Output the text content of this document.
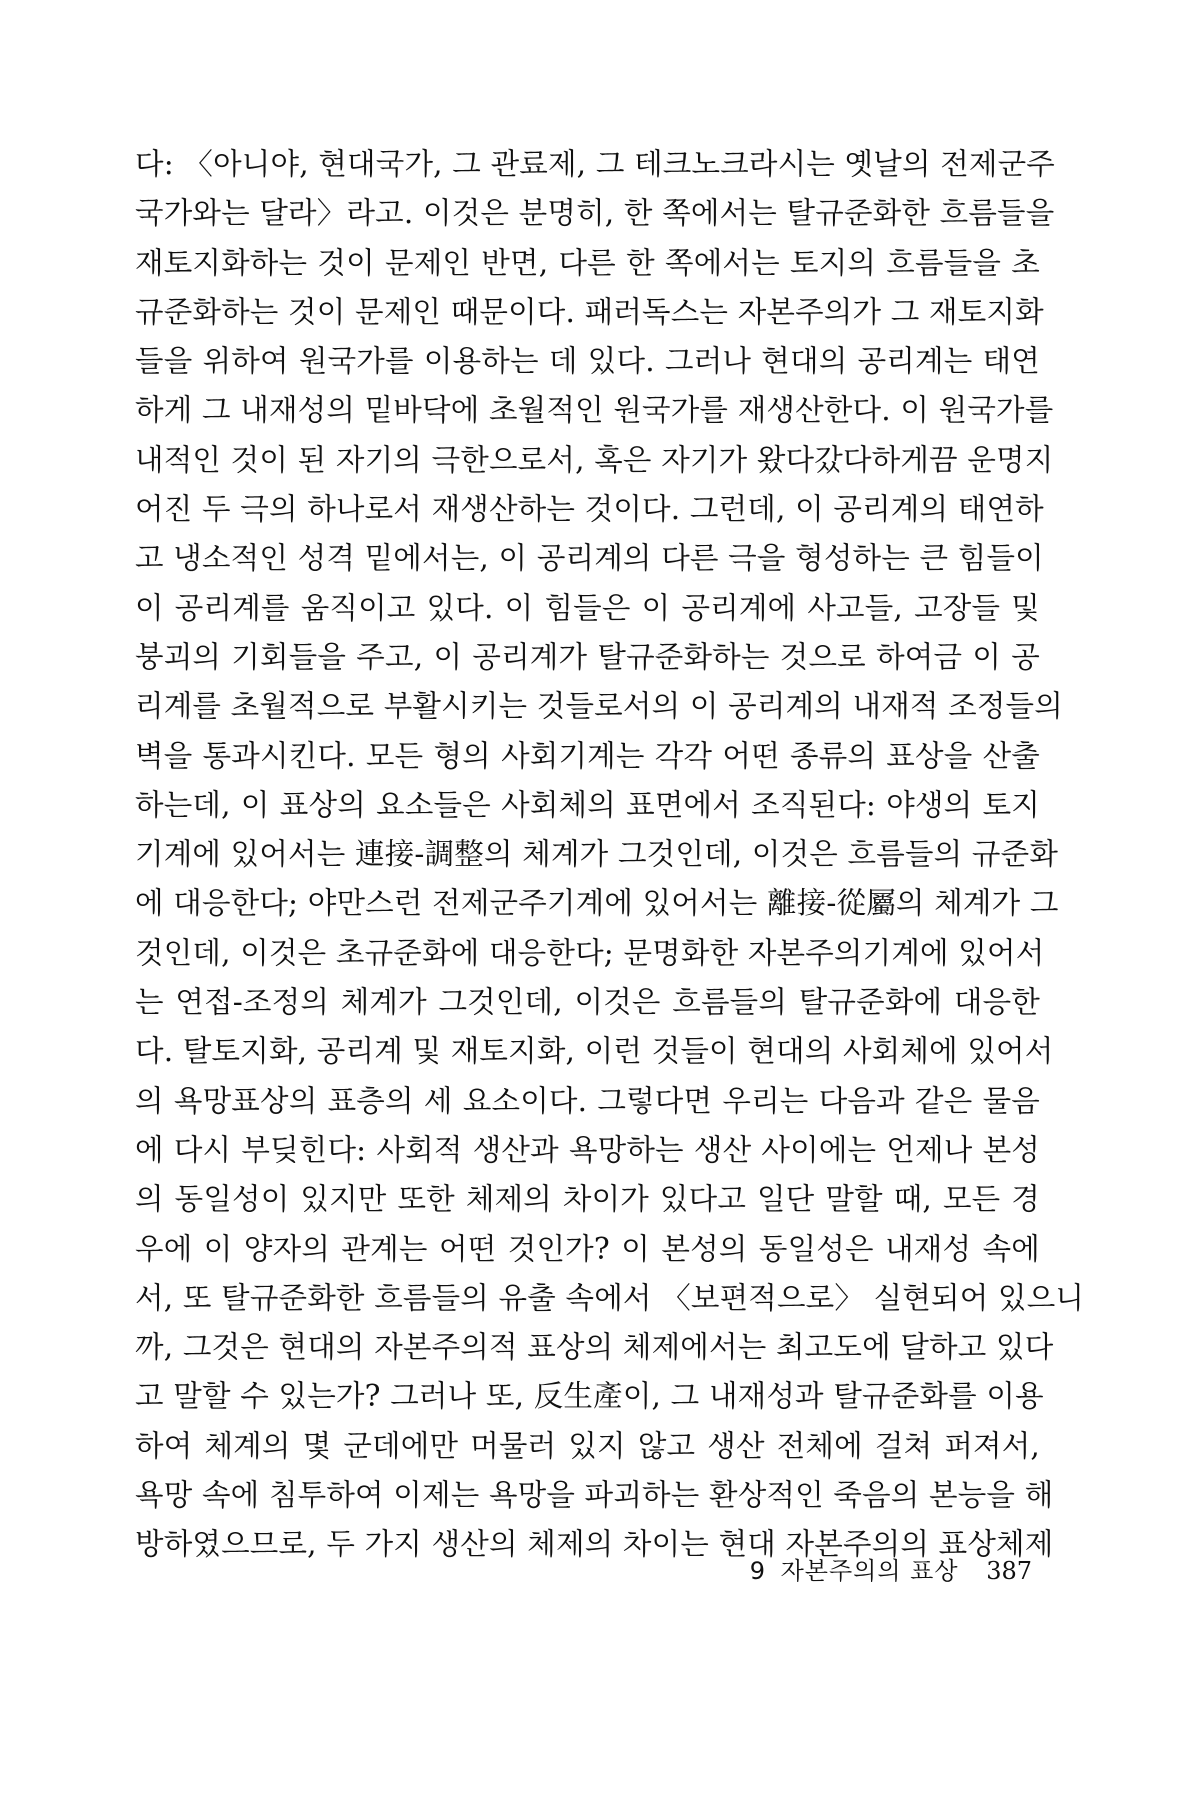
다: 〈아니야, 현대국가, 그 관료제, 그 테크노크라시는 옛날의 전제군주
국가와는 달라〉라고. 이것은 분명히, 한 쪽에서는 탈규준화한 흐름들을
재토지화하는 것이 문제인 반면, 다른 한 쪽에서는 토지의 흐름들을 초
규준화하는 것이 문제인 때문이다. 패러독스는 자본주의가 그 재토지화
들을 위하여 원국가를 이용하는 데 있다. 그러나 현대의 공리계는 태연
하게 그 내재성의 밑바닥에 초월적인 원국가를 재생산한다. 이 원국가를
내적인 것이 된 자기의 극한으로서, 혹은 자기가 왔다갔다하게끔 운명지
어진 두 극의 하나로서 재생산하는 것이다. 그런데, 이 공리계의 태연하
고 냉소적인 성격 밑에서는, 이 공리계의 다른 극을 형성하는 큰 힘들이
이 공리계를 움직이고 있다. 이 힘들은 이 공리계에 사고들, 고장들 및
붕괴의 기회들을 주고, 이 공리계가 탈규준화하는 것으로 하여금 이 공
리계를 초월적으로 부활시키는 것들로서의 이 공리계의 내재적 조정들의
벽을 통과시킨다. 모든 형의 사회기계는 각각 어떤 종류의 표상을 산출
하는데, 이 표상의 요소들은 사회체의 표면에서 조직된다: 야생의 토지
기계에 있어서는 連接-調整의 체계가 그것인데, 이것은 흐름들의 규준화
에 대응한다; 야만스런 전제군주기계에 있어서는 離接-從屬의 체계가 그
것인데, 이것은 초규준화에 대응한다; 문명화한 자본주의기계에 있어서
는 연접-조정의 체계가 그것인데, 이것은 흐름들의 탈규준화에 대응한
다. 탈토지화, 공리계 및 재토지화, 이런 것들이 현대의 사회체에 있어서
의 욕망표상의 표층의 세 요소이다. 그렇다면 우리는 다음과 같은 물음
에 다시 부딪힌다: 사회적 생산과 욕망하는 생산 사이에는 언제나 본성
의 동일성이 있지만 또한 체제의 차이가 있다고 일단 말할 때, 모든 경
우에 이 양자의 관계는 어떤 것인가? 이 본성의 동일성은 내재성 속에
서, 또 탈규준화한 흐름들의 유출 속에서 〈보편적으로〉 실현되어 있으니
까, 그것은 현대의 자본주의적 표상의 체제에서는 최고도에 달하고 있다
고 말할 수 있는가? 그러나 또, 反生產이, 그 내재성과 탈규준화를 이용
하여 체계의 몇 군데에만 머물러 있지 않고 생산 전체에 걸쳐 퍼져서,
욕망 속에 침투하여 이제는 욕망을 파괴하는 환상적인 죽음의 본능을 해
방하였으므로, 두 가지 생산의 체제의 차이는 현대 자본주의의 표상체제
9 자본주의의 표상 387
